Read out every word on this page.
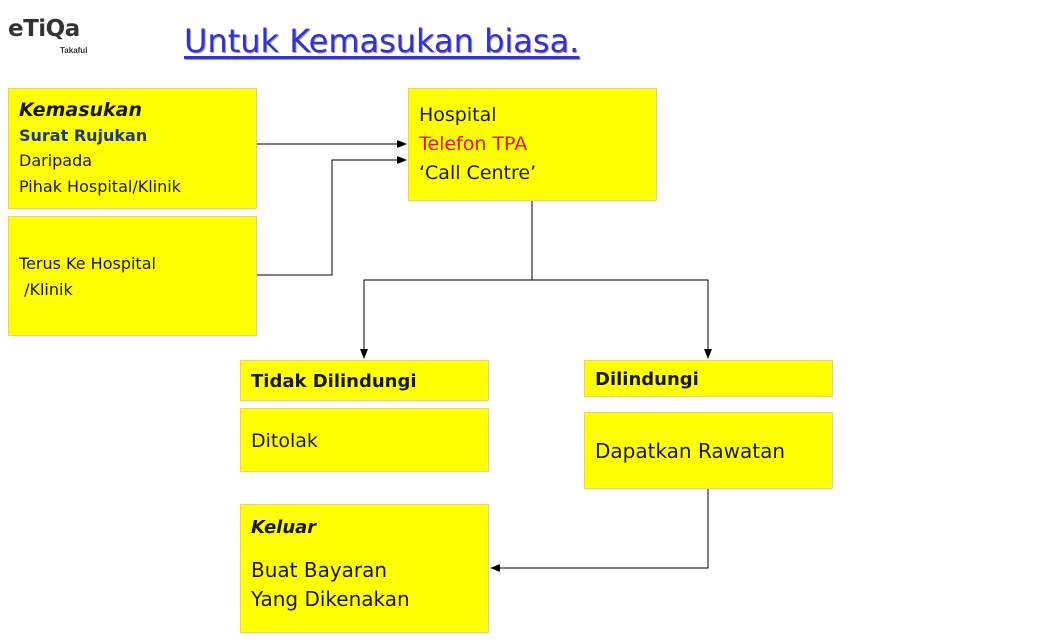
eTiQa
Takaful	Untuk Kemasukan biasa.
Kemasukan
Surat Rujukan
Daripada
Pihak Hospital/Klinik
Terus Ke Hospital
/Klinik
Hospital
Telefon TPA
‘Call Centre’
Tidak Dilindungi
Ditolak
Dilindungi
Dapatkan Rawatan
Keluar
Buat Bayaran
Yang Dikenakan
